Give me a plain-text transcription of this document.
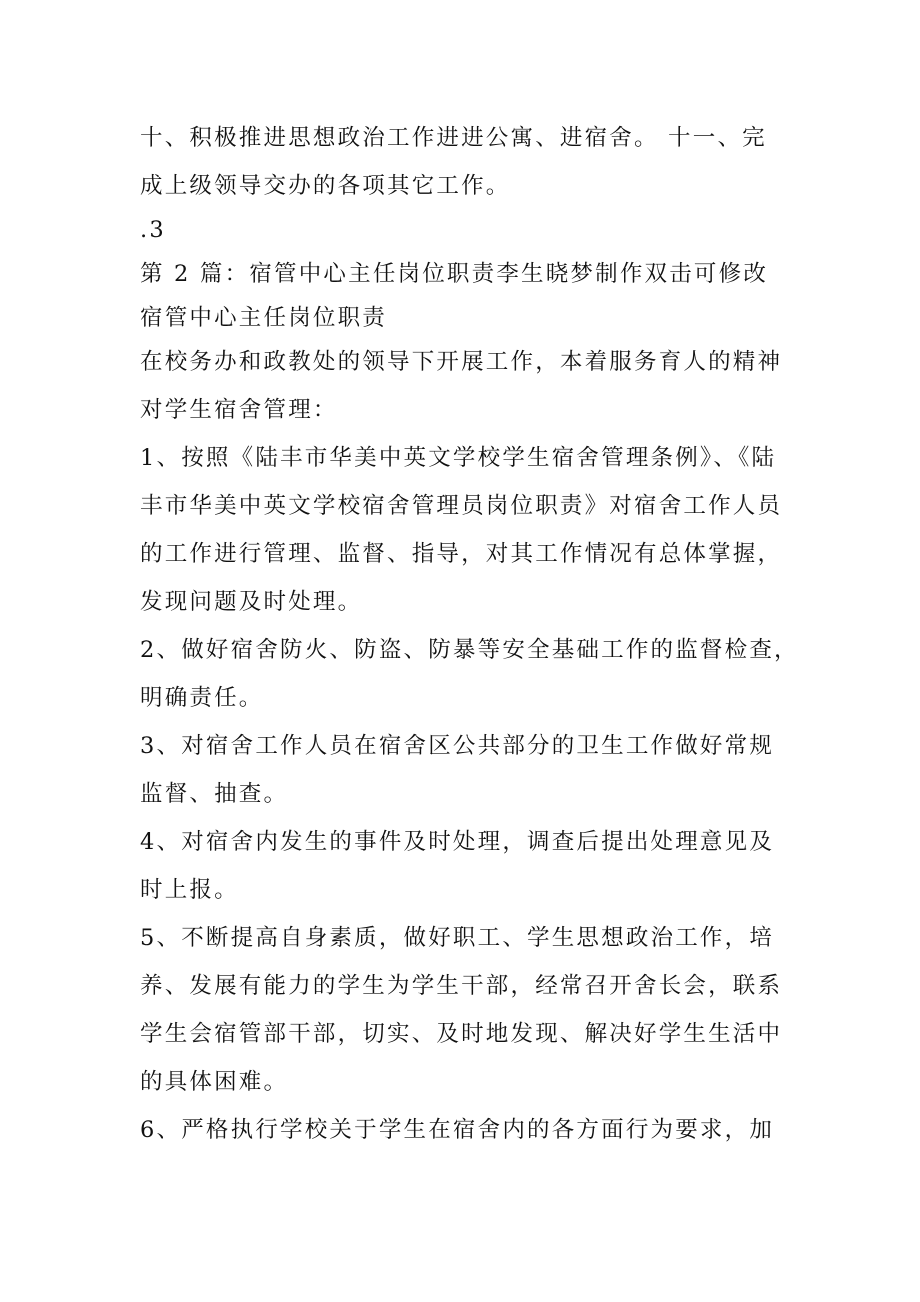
十、积极推进思想政治工作进进公寓、进宿舍。 十一、完
成上级领导交办的各项其它工作。
.3
第 2 篇：宿管中心主任岗位职责李生晓梦制作双击可修改
宿管中心主任岗位职责
在校务办和政教处的领导下开展工作，本着服务育人的精神
对学生宿舍管理：
1、按照《陆丰市华美中英文学校学生宿舍管理条例》、《陆
丰市华美中英文学校宿舍管理员岗位职责》对宿舍工作人员
的工作进行管理、监督、指导，对其工作情况有总体掌握，
发现问题及时处理。
2、做好宿舍防火、防盗、防暴等安全基础工作的监督检查，
明确责任。
3、对宿舍工作人员在宿舍区公共部分的卫生工作做好常规
监督、抽查。
4、对宿舍内发生的事件及时处理，调查后提出处理意见及
时上报。
5、不断提高自身素质，做好职工、学生思想政治工作，培
养、发展有能力的学生为学生干部，经常召开舍长会，联系
学生会宿管部干部，切实、及时地发现、解决好学生生活中
的具体困难。
6、严格执行学校关于学生在宿舍内的各方面行为要求，加
